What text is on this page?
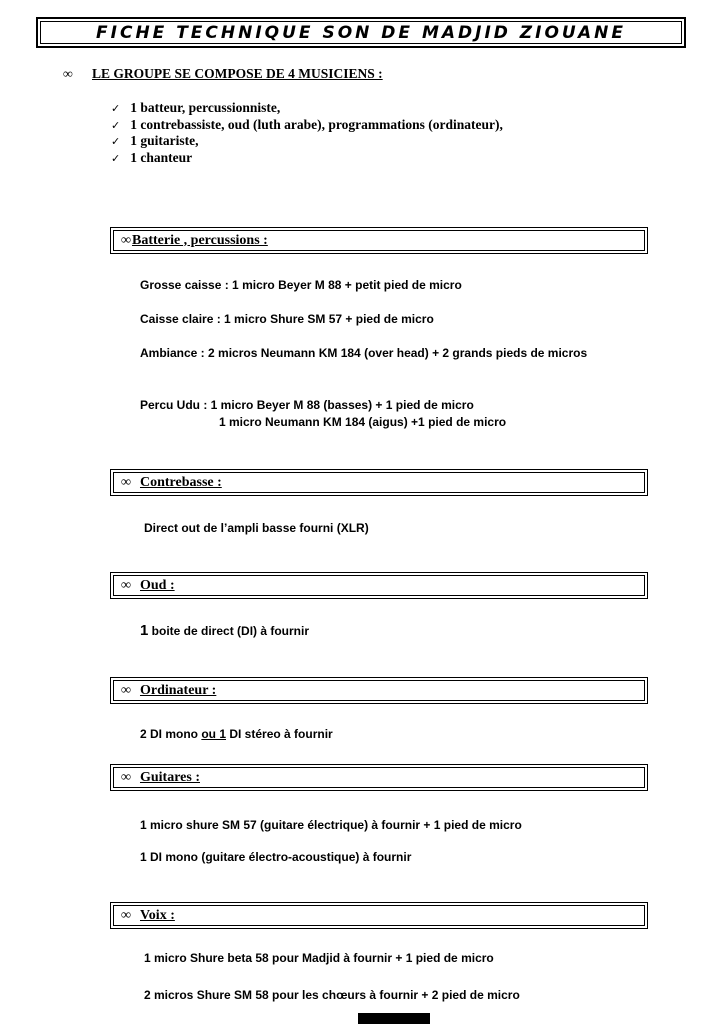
FICHE TECHNIQUE SON DE MADJID ZIOUANE
∞ LE GROUPE SE COMPOSE DE 4 MUSICIENS :
✓ 1 batteur, percussionniste,
✓ 1 contrebassiste, oud (luth arabe), programmations (ordinateur),
✓ 1 guitariste,
✓ 1 chanteur
∞ Batterie , percussions :
Grosse caisse : 1 micro Beyer M 88 + petit pied de micro
Caisse claire : 1 micro Shure SM 57 + pied de micro
Ambiance : 2 micros Neumann KM 184 (over head) + 2 grands pieds de micros
Percu Udu : 1 micro Beyer M 88 (basses) + 1 pied de micro
1 micro Neumann KM 184 (aigus) +1 pied de micro
∞ Contrebasse :
Direct out de l’ampli basse fourni (XLR)
∞ Oud :
1 boite de direct (DI) à fournir
∞ Ordinateur :
2 DI mono ou 1 DI stéreo à fournir
∞ Guitares :
1 micro shure SM 57 (guitare électrique) à fournir + 1 pied de micro
1 DI mono (guitare électro-acoustique) à fournir
∞ Voix :
1 micro Shure beta 58 pour Madjid à fournir + 1 pied de micro
2 micros Shure SM 58 pour les chœurs à fournir + 2 pied de micro
